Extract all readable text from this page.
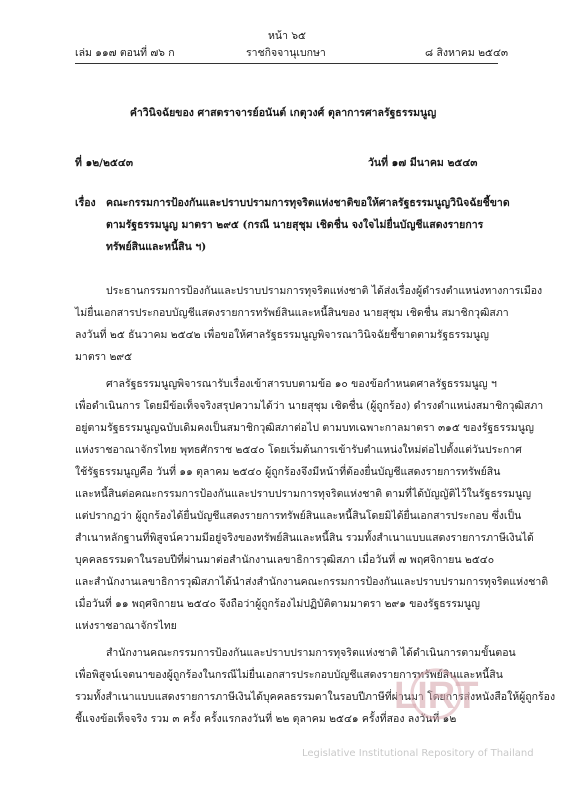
หน้า ๖๕
เล่ม ๑๑๗ ตอนที่ ๗๖ ก	ราชกิจจานุเบกษา	๘ สิงหาคม ๒๕๔๓
คำวินิจฉัยของ ศาสตราจารย์อนันต์ เกตุวงศ์ ตุลาการศาลรัฐธรรมนูญ
ที่ ๑๒/๒๕๔๓	วันที่ ๑๗ มีนาคม ๒๕๔๓
เรื่อง คณะกรรมการป้องกันและปราบปรามการทุจริตแห่งชาติขอให้ศาลรัฐธรรมนูญวินิจฉัยชี้ขาด
ตามรัฐธรรมนูญ มาตรา ๒๙๕ (กรณี นายสุชุม เชิดชื่น จงใจไม่ยื่นบัญชีแสดงรายการ
ทรัพย์สินและหนี้สิน ฯ)
ประธานกรรมการป้องกันและปราบปรามการทุจริตแห่งชาติ ได้ส่งเรื่องผู้ดำรงตำแหน่งทางการเมือง
ไม่ยื่นเอกสารประกอบบัญชีแสดงรายการทรัพย์สินและหนี้สินของ นายสุชุม เชิดชื่น สมาชิกวุฒิสภา
ลงวันที่ ๒๕ ธันวาคม ๒๕๔๒ เพื่อขอให้ศาลรัฐธรรมนูญพิจารณาวินิจฉัยชี้ขาดตามรัฐธรรมนูญ
มาตรา ๒๙๕
ศาลรัฐธรรมนูญพิจารณารับเรื่องเข้าสารบบตามข้อ ๑๐ ของข้อกำหนดศาลรัฐธรรมนูญ ฯ
เพื่อดำเนินการ โดยมีข้อเท็จจริงสรุปความได้ว่า นายสุชุม เชิดชื่น (ผู้ถูกร้อง) ดำรงตำแหน่งสมาชิกวุฒิสภา
อยู่ตามรัฐธรรมนูญฉบับเดิมคงเป็นสมาชิกวุฒิสภาต่อไป ตามบทเฉพาะกาลมาตรา ๓๑๕ ของรัฐธรรมนูญ
แห่งราชอาณาจักรไทย พุทธศักราช ๒๕๔๐ โดยเริ่มต้นการเข้ารับตำแหน่งใหม่ต่อไปตั้งแต่วันประกาศ
ใช้รัฐธรรมนูญคือ วันที่ ๑๑ ตุลาคม ๒๕๔๐ ผู้ถูกร้องจึงมีหน้าที่ต้องยื่นบัญชีแสดงรายการทรัพย์สิน
และหนี้สินต่อคณะกรรมการป้องกันและปราบปรามการทุจริตแห่งชาติ ตามที่ได้บัญญัติไว้ในรัฐธรรมนูญ
แต่ปรากฏว่า ผู้ถูกร้องได้ยื่นบัญชีแสดงรายการทรัพย์สินและหนี้สินโดยมิได้ยื่นเอกสารประกอบ ซึ่งเป็น
สำเนาหลักฐานที่พิสูจน์ความมีอยู่จริงของทรัพย์สินและหนี้สิน รวมทั้งสำเนาแบบแสดงรายการภาษีเงินได้
บุคคลธรรมดาในรอบปีที่ผ่านมาต่อสำนักงานเลขาธิการวุฒิสภา เมื่อวันที่ ๗ พฤศจิกายน ๒๕๔๐
และสำนักงานเลขาธิการวุฒิสภาได้นำส่งสำนักงานคณะกรรมการป้องกันและปราบปรามการทุจริตแห่งชาติ
เมื่อวันที่ ๑๑ พฤศจิกายน ๒๕๔๐ จึงถือว่าผู้ถูกร้องไม่ปฏิบัติตามมาตรา ๒๙๑ ของรัฐธรรมนูญ
แห่งราชอาณาจักรไทย
สำนักงานคณะกรรมการป้องกันและปราบปรามการทุจริตแห่งชาติ ได้ดำเนินการตามขั้นตอน
เพื่อพิสูจน์เจตนาของผู้ถูกร้องในกรณีไม่ยื่นเอกสารประกอบบัญชีแสดงรายการทรัพย์สินและหนี้สิน
รวมทั้งสำเนาแบบแสดงรายการภาษีเงินได้บุคคลธรรมดาในรอบปีภาษีที่ผ่านมา โดยการส่งหนังสือให้ผู้ถูกร้อง
ชี้แจงข้อเท็จจริง รวม ๓ ครั้ง ครั้งแรกลงวันที่ ๒๒ ตุลาคม ๒๕๔๑ ครั้งที่สอง ลงวันที่ ๑๒
LIRT
Legislative Institutional Repository of Thailand
